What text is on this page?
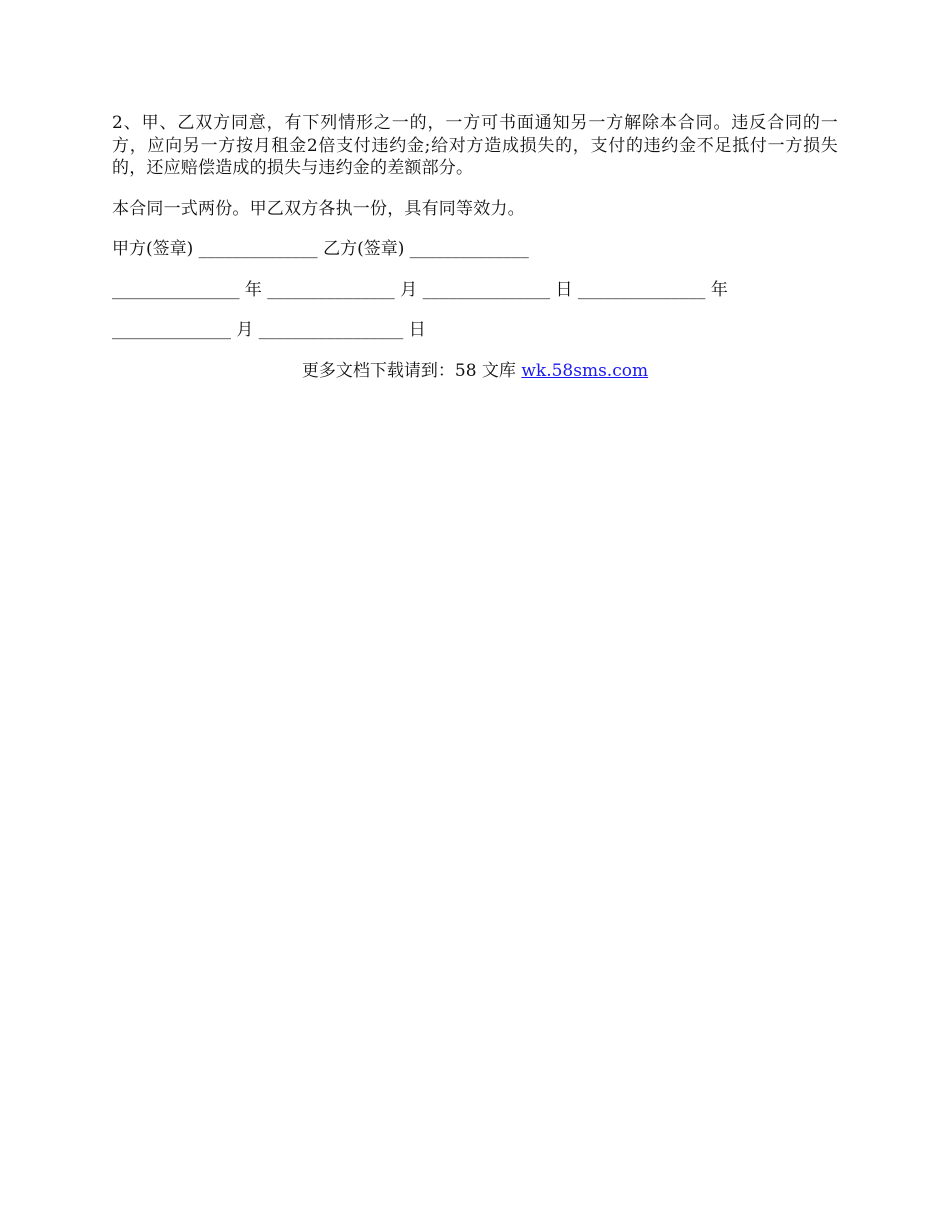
2、甲、乙双方同意，有下列情形之一的，一方可书面通知另一方解除本合同。违反合同的一方，应向另一方按月租金2倍支付违约金;给对方造成损失的，支付的违约金不足抵付一方损失的，还应赔偿造成的损失与违约金的差额部分。

本合同一式两份。甲乙双方各执一份，具有同等效力。

甲方(签章) ______________ 乙方(签章) ______________

_______________ 年 _______________ 月 _______________ 日 _______________ 年

______________ 月 _________________ 日

更多文档下载请到：58 文库 wk.58sms.com
